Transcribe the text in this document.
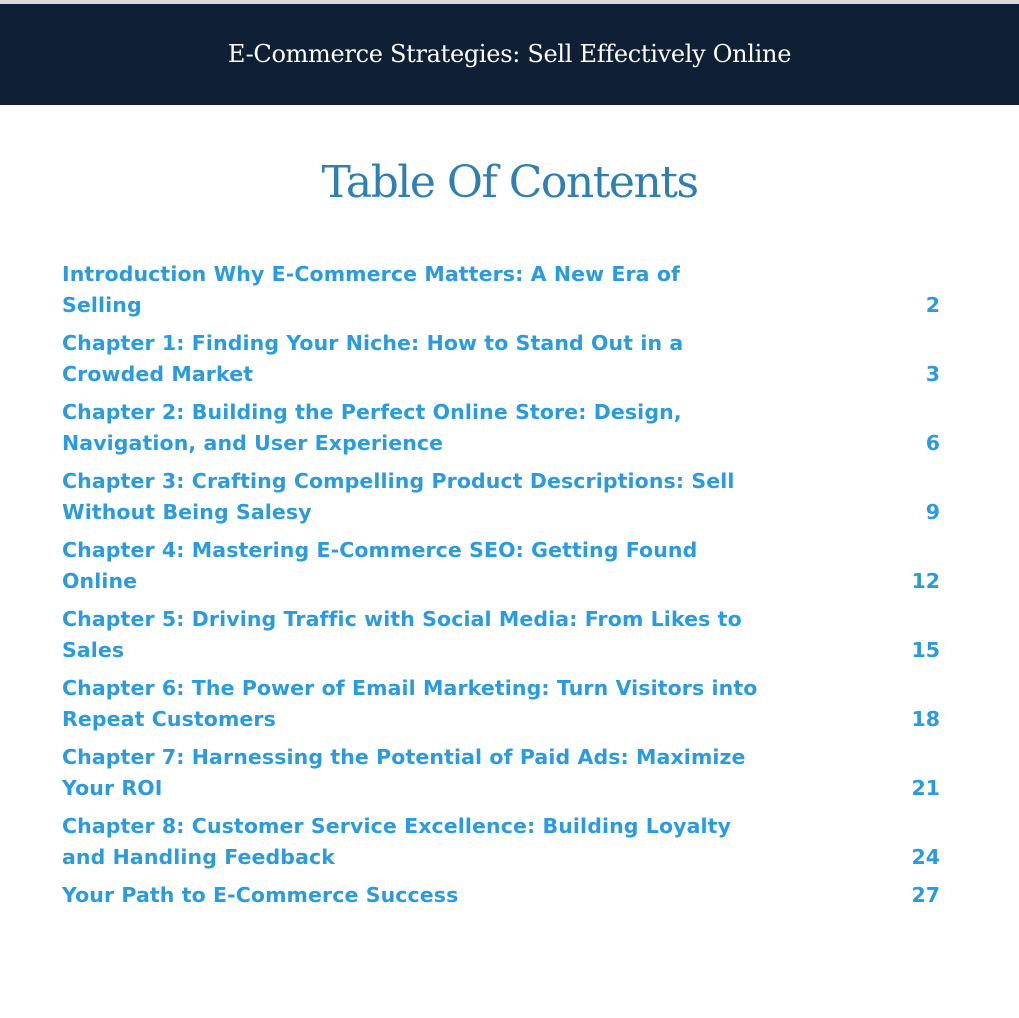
E-Commerce Strategies: Sell Effectively Online
Table Of Contents
Introduction Why E-Commerce Matters: A New Era of Selling	2
Chapter 1: Finding Your Niche: How to Stand Out in a Crowded Market	3
Chapter 2: Building the Perfect Online Store: Design, Navigation, and User Experience	6
Chapter 3: Crafting Compelling Product Descriptions: Sell Without Being Salesy	9
Chapter 4: Mastering E-Commerce SEO: Getting Found Online	12
Chapter 5: Driving Traffic with Social Media: From Likes to Sales	15
Chapter 6: The Power of Email Marketing: Turn Visitors into Repeat Customers	18
Chapter 7: Harnessing the Potential of Paid Ads: Maximize Your ROI	21
Chapter 8: Customer Service Excellence: Building Loyalty and Handling Feedback	24
Your Path to E-Commerce Success	27
